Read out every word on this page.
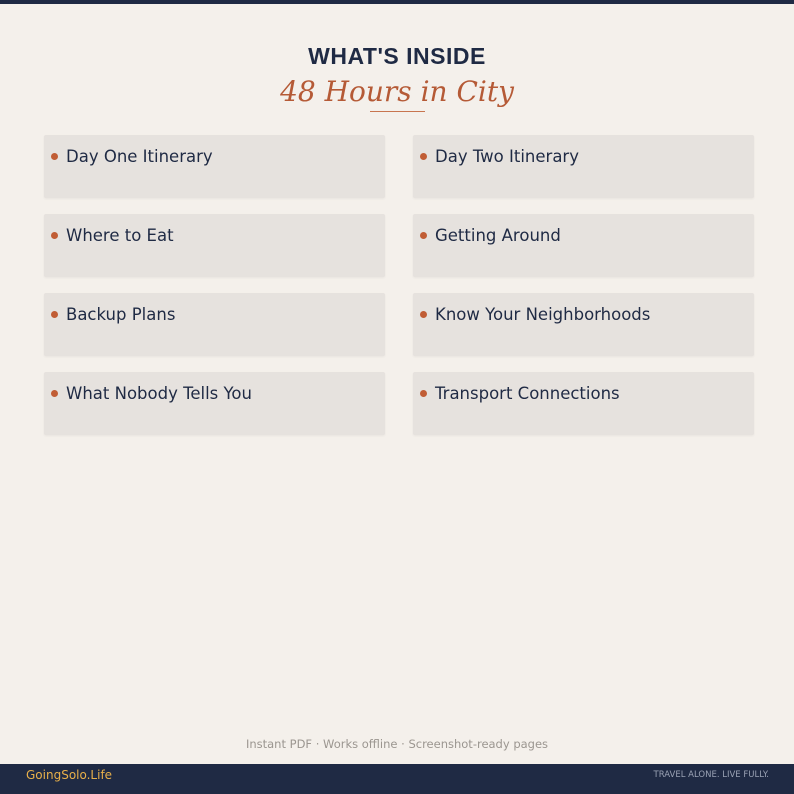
WHAT'S INSIDE
48 Hours in City
Day One Itinerary	Day Two Itinerary
Where to Eat	Getting Around
Backup Plans	Know Your Neighborhoods
What Nobody Tells You	Transport Connections
Instant PDF · Works offline · Screenshot-ready pages
GoingSolo.Life	TRAVEL ALONE. LIVE FULLY.
